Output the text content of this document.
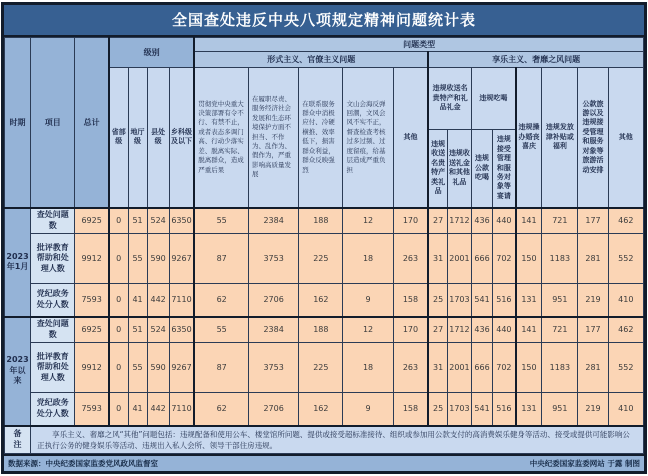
全国查处违反中央八项规定精神问题统计表
时期	项目	总计	级别				问题类型												
							形式主义、官僚主义问题					享乐主义、奢靡之风问题							
			省部级	地厅级	县处级	乡科级及以下	贯彻党中央重大决策部署有令不行、有禁不止，或者表态多调门高、行动少落实差、脱离实际、脱离群众，造成严重后果	在履职尽责、服务经济社会发展和生态环境保护方面不担当、不作为、乱作为、假作为，严重影响高质量发展	在联系服务群众中消极应付、冷硬横推、效率低下，损害群众利益，群众反映强烈	文山会海反弹回潮，文风会风不实不正，督查检查考核过多过频、过度留痕，给基层造成严重负担	其他	违规收送名贵特产和礼品礼金		违规吃喝		违规操办婚丧喜庆	违规发放津补贴或福利	公款旅游以及违规接受管理和服务对象等旅游活动安排	其他
												违规收送名贵特产类礼品	违规收送礼金和其他礼品	违规公款吃喝	违规接受管理和服务对象等宴请				
2023年1月	查处问题数	6925	0	51	524	6350	55	2384	188	12	170	27	1712	436	440	141	721	177	462
	批评教育帮助和处理人数	9912	0	55	590	9267	87	3753	225	18	263	31	2001	666	702	150	1183	281	552
	党纪政务处分人数	7593	0	41	442	7110	62	2706	162	9	158	25	1703	541	516	131	951	219	410
2023年以来	查处问题数	6925	0	51	524	6350	55	2384	188	12	170	27	1712	436	440	141	721	177	462
	批评教育帮助和处理人数	9912	0	55	590	9267	87	3753	225	18	263	31	2001	666	702	150	1183	281	552
	党纪政务处分人数	7593	0	41	442	7110	62	2706	162	9	158	25	1703	541	516	131	951	219	410
备注	享乐主义、奢靡之风“其他”问题包括：违规配备和使用公车、楼堂馆所问题、提供或接受超标准接待、组织或参加用公款支付的高消费娱乐健身等活动、接受或提供可能影响公正执行公务的健身娱乐等活动、违规出入私人会所、领导干部住房违规。																		
数据来源：中央纪委国家监委党风政风监督室	中央纪委国家监委网站 于露 制图
